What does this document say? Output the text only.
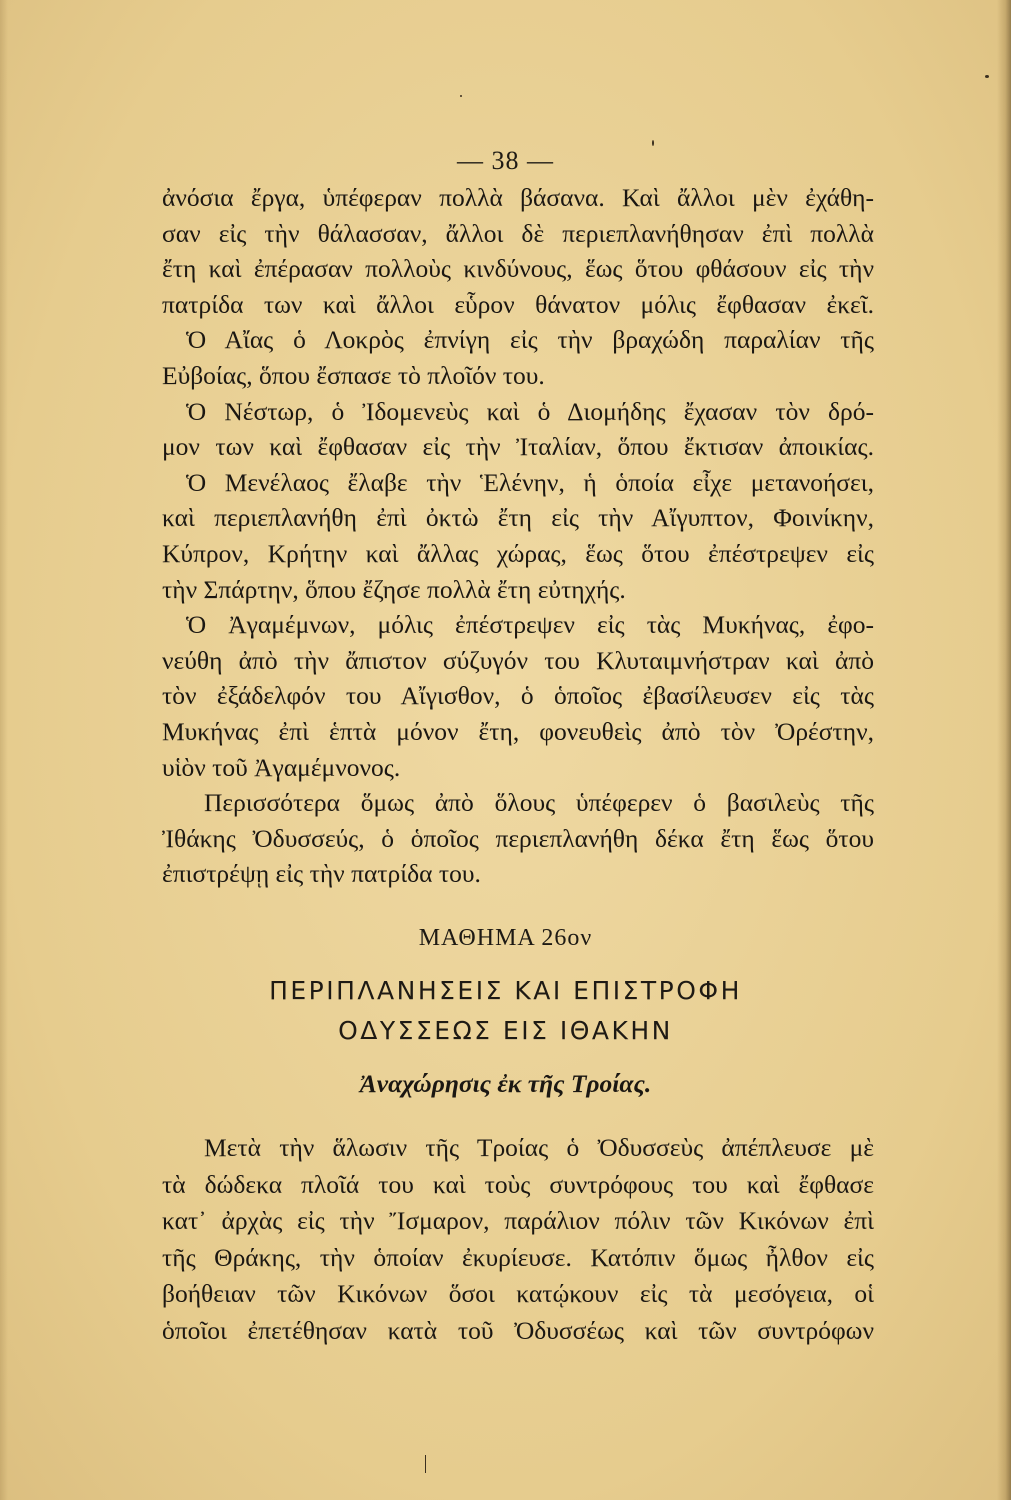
— 38 —
ἀνόσια ἔργα, ὑπέφεραν πολλὰ βάσανα. Καὶ ἄλλοι μὲν ἐχάθη-
σαν εἰς τὴν θάλασσαν, ἄλλοι δὲ περιεπλανήθησαν ἐπὶ πολλὰ
ἔτη καὶ ἐπέρασαν πολλοὺς κινδύνους, ἕως ὅτου φθάσουν εἰς τὴν
πατρίδα των καὶ ἄλλοι εὗρον θάνατον μόλις ἔφθασαν ἐκεῖ.
Ὁ Αἴας ὁ Λοκρὸς ἐπνίγη εἰς τὴν βραχώδη παραλίαν τῆς
Εὐβοίας, ὅπου ἔσπασε τὸ πλοῖόν του.
Ὁ Νέστωρ, ὁ Ἰδομενεὺς καὶ ὁ Διομήδης ἔχασαν τὸν δρό-
μον των καὶ ἔφθασαν εἰς τὴν Ἰταλίαν, ὅπου ἔκτισαν ἀποικίας.
Ὁ Μενέλαος ἔλαβε τὴν Ἑλένην, ἡ ὁποία εἶχε μετανοήσει,
καὶ περιεπλανήθη ἐπὶ ὀκτὼ ἔτη εἰς τὴν Αἴγυπτον, Φοινίκην,
Κύπρον, Κρήτην καὶ ἄλλας χώρας, ἕως ὅτου ἐπέστρεψεν εἰς
τὴν Σπάρτην, ὅπου ἔζησε πολλὰ ἔτη εὐτηχής.
Ὁ Ἀγαμέμνων, μόλις ἐπέστρεψεν εἰς τὰς Μυκήνας, ἐφο-
νεύθη ἀπὸ τὴν ἄπιστον σύζυγόν του Κλυταιμνήστραν καὶ ἀπὸ
τὸν ἐξάδελφόν του Αἴγισθον, ὁ ὁποῖος ἐβασίλευσεν εἰς τὰς
Μυκήνας ἐπὶ ἑπτὰ μόνον ἔτη, φονευθεὶς ἀπὸ τὸν Ὀρέστην,
υἱὸν τοῦ Ἀγαμέμνονος.
Περισσότερα ὅμως ἀπὸ ὅλους ὑπέφερεν ὁ βασιλεὺς τῆς
Ἰθάκης Ὀδυσσεύς, ὁ ὁποῖος περιεπλανήθη δέκα ἔτη ἕως ὅτου
ἐπιστρέψῃ εἰς τὴν πατρίδα του.
ΜΑΘΗΜΑ 26ον
ΠΕΡΙΠΛΑΝΗΣΕΙΣ ΚΑΙ ΕΠΙΣΤΡΟΦΗ
ΟΔΥΣΣΕΩΣ ΕΙΣ ΙΘΑΚΗΝ
Ἀναχώρησις ἐκ τῆς Τροίας.
Μετὰ τὴν ἅλωσιν τῆς Τροίας ὁ Ὀδυσσεὺς ἀπέπλευσε μὲ
τὰ δώδεκα πλοῖά του καὶ τοὺς συντρόφους του καὶ ἔφθασε
κατ᾽ ἀρχὰς εἰς τὴν Ἴσμαρον, παράλιον πόλιν τῶν Κικόνων ἐπὶ
τῆς Θράκης, τὴν ὁποίαν ἐκυρίευσε. Κατόπιν ὅμως ἦλθον εἰς
βοήθειαν τῶν Κικόνων ὅσοι κατῴκουν εἰς τὰ μεσόγεια, οἱ
ὁποῖοι ἐπετέθησαν κατὰ τοῦ Ὀδυσσέως καὶ τῶν συντρόφων
